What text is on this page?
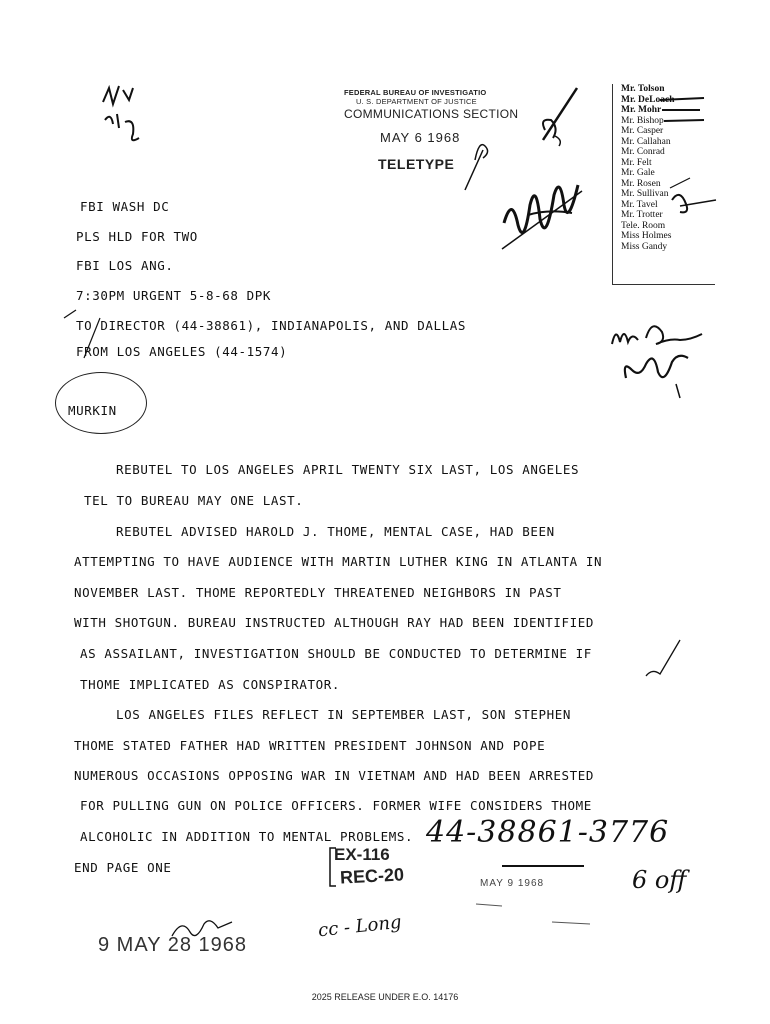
FEDERAL BUREAU OF INVESTIGATIO
U. S. DEPARTMENT OF JUSTICE
COMMUNICATIONS SECTION
MAY 6 1968
TELETYPE
Mr. Tolson
Mr. DeLoach
Mr. Mohr
Mr. Bishop
Mr. Casper
Mr. Callahan
Mr. Conrad
Mr. Felt
Mr. Gale
Mr. Rosen
Mr. Sullivan
Mr. Tavel
Mr. Trotter
Tele. Room
Miss Holmes
Miss Gandy
FBI WASH DC
PLS HLD FOR TWO
FBI LOS ANG.
7:30PM URGENT 5-8-68 DPK
TO DIRECTOR (44-38861), INDIANAPOLIS, AND DALLAS
FROM LOS ANGELES (44-1574)
MURKIN
REBUTEL TO LOS ANGELES APRIL TWENTY SIX LAST, LOS ANGELES
TEL TO BUREAU MAY ONE LAST.
REBUTEL ADVISED HAROLD J. THOME, MENTAL CASE, HAD BEEN
ATTEMPTING TO HAVE AUDIENCE WITH MARTIN LUTHER KING IN ATLANTA IN
NOVEMBER LAST. THOME REPORTEDLY THREATENED NEIGHBORS IN PAST
WITH SHOTGUN. BUREAU INSTRUCTED ALTHOUGH RAY HAD BEEN IDENTIFIED
AS ASSAILANT, INVESTIGATION SHOULD BE CONDUCTED TO DETERMINE IF
THOME IMPLICATED AS CONSPIRATOR.
LOS ANGELES FILES REFLECT IN SEPTEMBER LAST, SON STEPHEN
THOME STATED FATHER HAD WRITTEN PRESIDENT JOHNSON AND POPE
NUMEROUS OCCASIONS OPPOSING WAR IN VIETNAM AND HAD BEEN ARRESTED
FOR PULLING GUN ON POLICE OFFICERS. FORMER WIFE CONSIDERS THOME
ALCOHOLIC IN ADDITION TO MENTAL PROBLEMS.
END PAGE ONE
44-38861-3776
EX-116
REC-20	MAY 9 1968	6 off
cc - Long
9 MAY 28 1968
2025 RELEASE UNDER E.O. 14176
